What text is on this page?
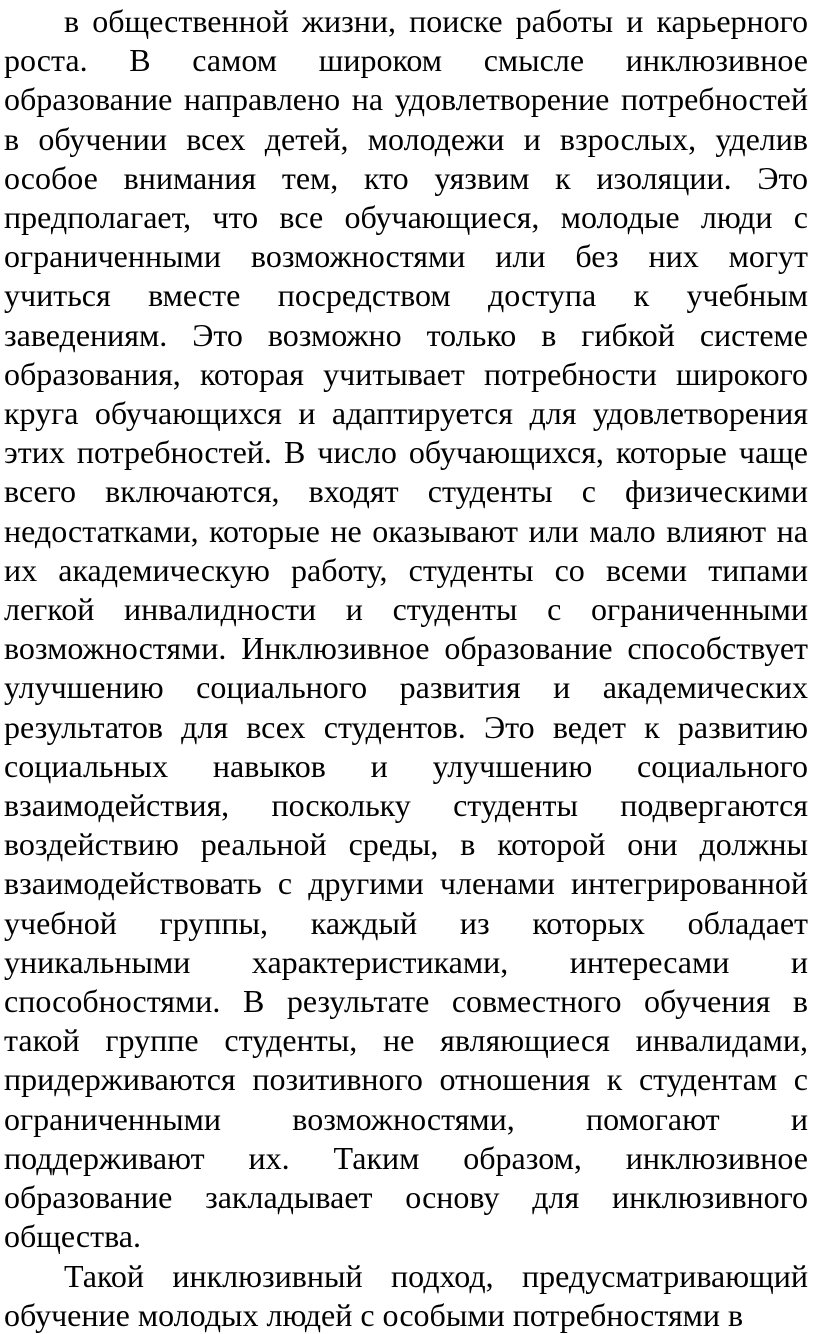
в общественной жизни, поиске работы и карьерного роста. В самом широком смысле инклюзивное образование направлено на удовлетворение потребностей в обучении всех детей, молодежи и взрослых, уделив особое внимания тем, кто уязвим к изоляции. Это предполагает, что все обучающиеся, молодые люди с ограниченными возможностями или без них могут учиться вместе посредством доступа к учебным заведениям. Это возможно только в гибкой системе образования, которая учитывает потребности широкого круга обучающихся и адаптируется для удовлетворения этих потребностей. В число обучающихся, которые чаще всего включаются, входят студенты с физическими недостатками, которые не оказывают или мало влияют на их академическую работу, студенты со всеми типами легкой инвалидности и студенты с ограниченными возможностями. Инклюзивное образование способствует улучшению социального развития и академических результатов для всех студентов. Это ведет к развитию социальных навыков и улучшению социального взаимодействия, поскольку студенты подвергаются воздействию реальной среды, в которой они должны взаимодействовать с другими членами интегрированной учебной группы, каждый из которых обладает уникальными характеристиками, интересами и способностями. В результате совместного обучения в такой группе студенты, не являющиеся инвалидами, придерживаются позитивного отношения к студентам с ограниченными возможностями, помогают и поддерживают их. Таким образом, инклюзивное образование закладывает основу для инклюзивного общества.

Такой инклюзивный подход, предусматривающий обучение молодых людей с особыми потребностями в
